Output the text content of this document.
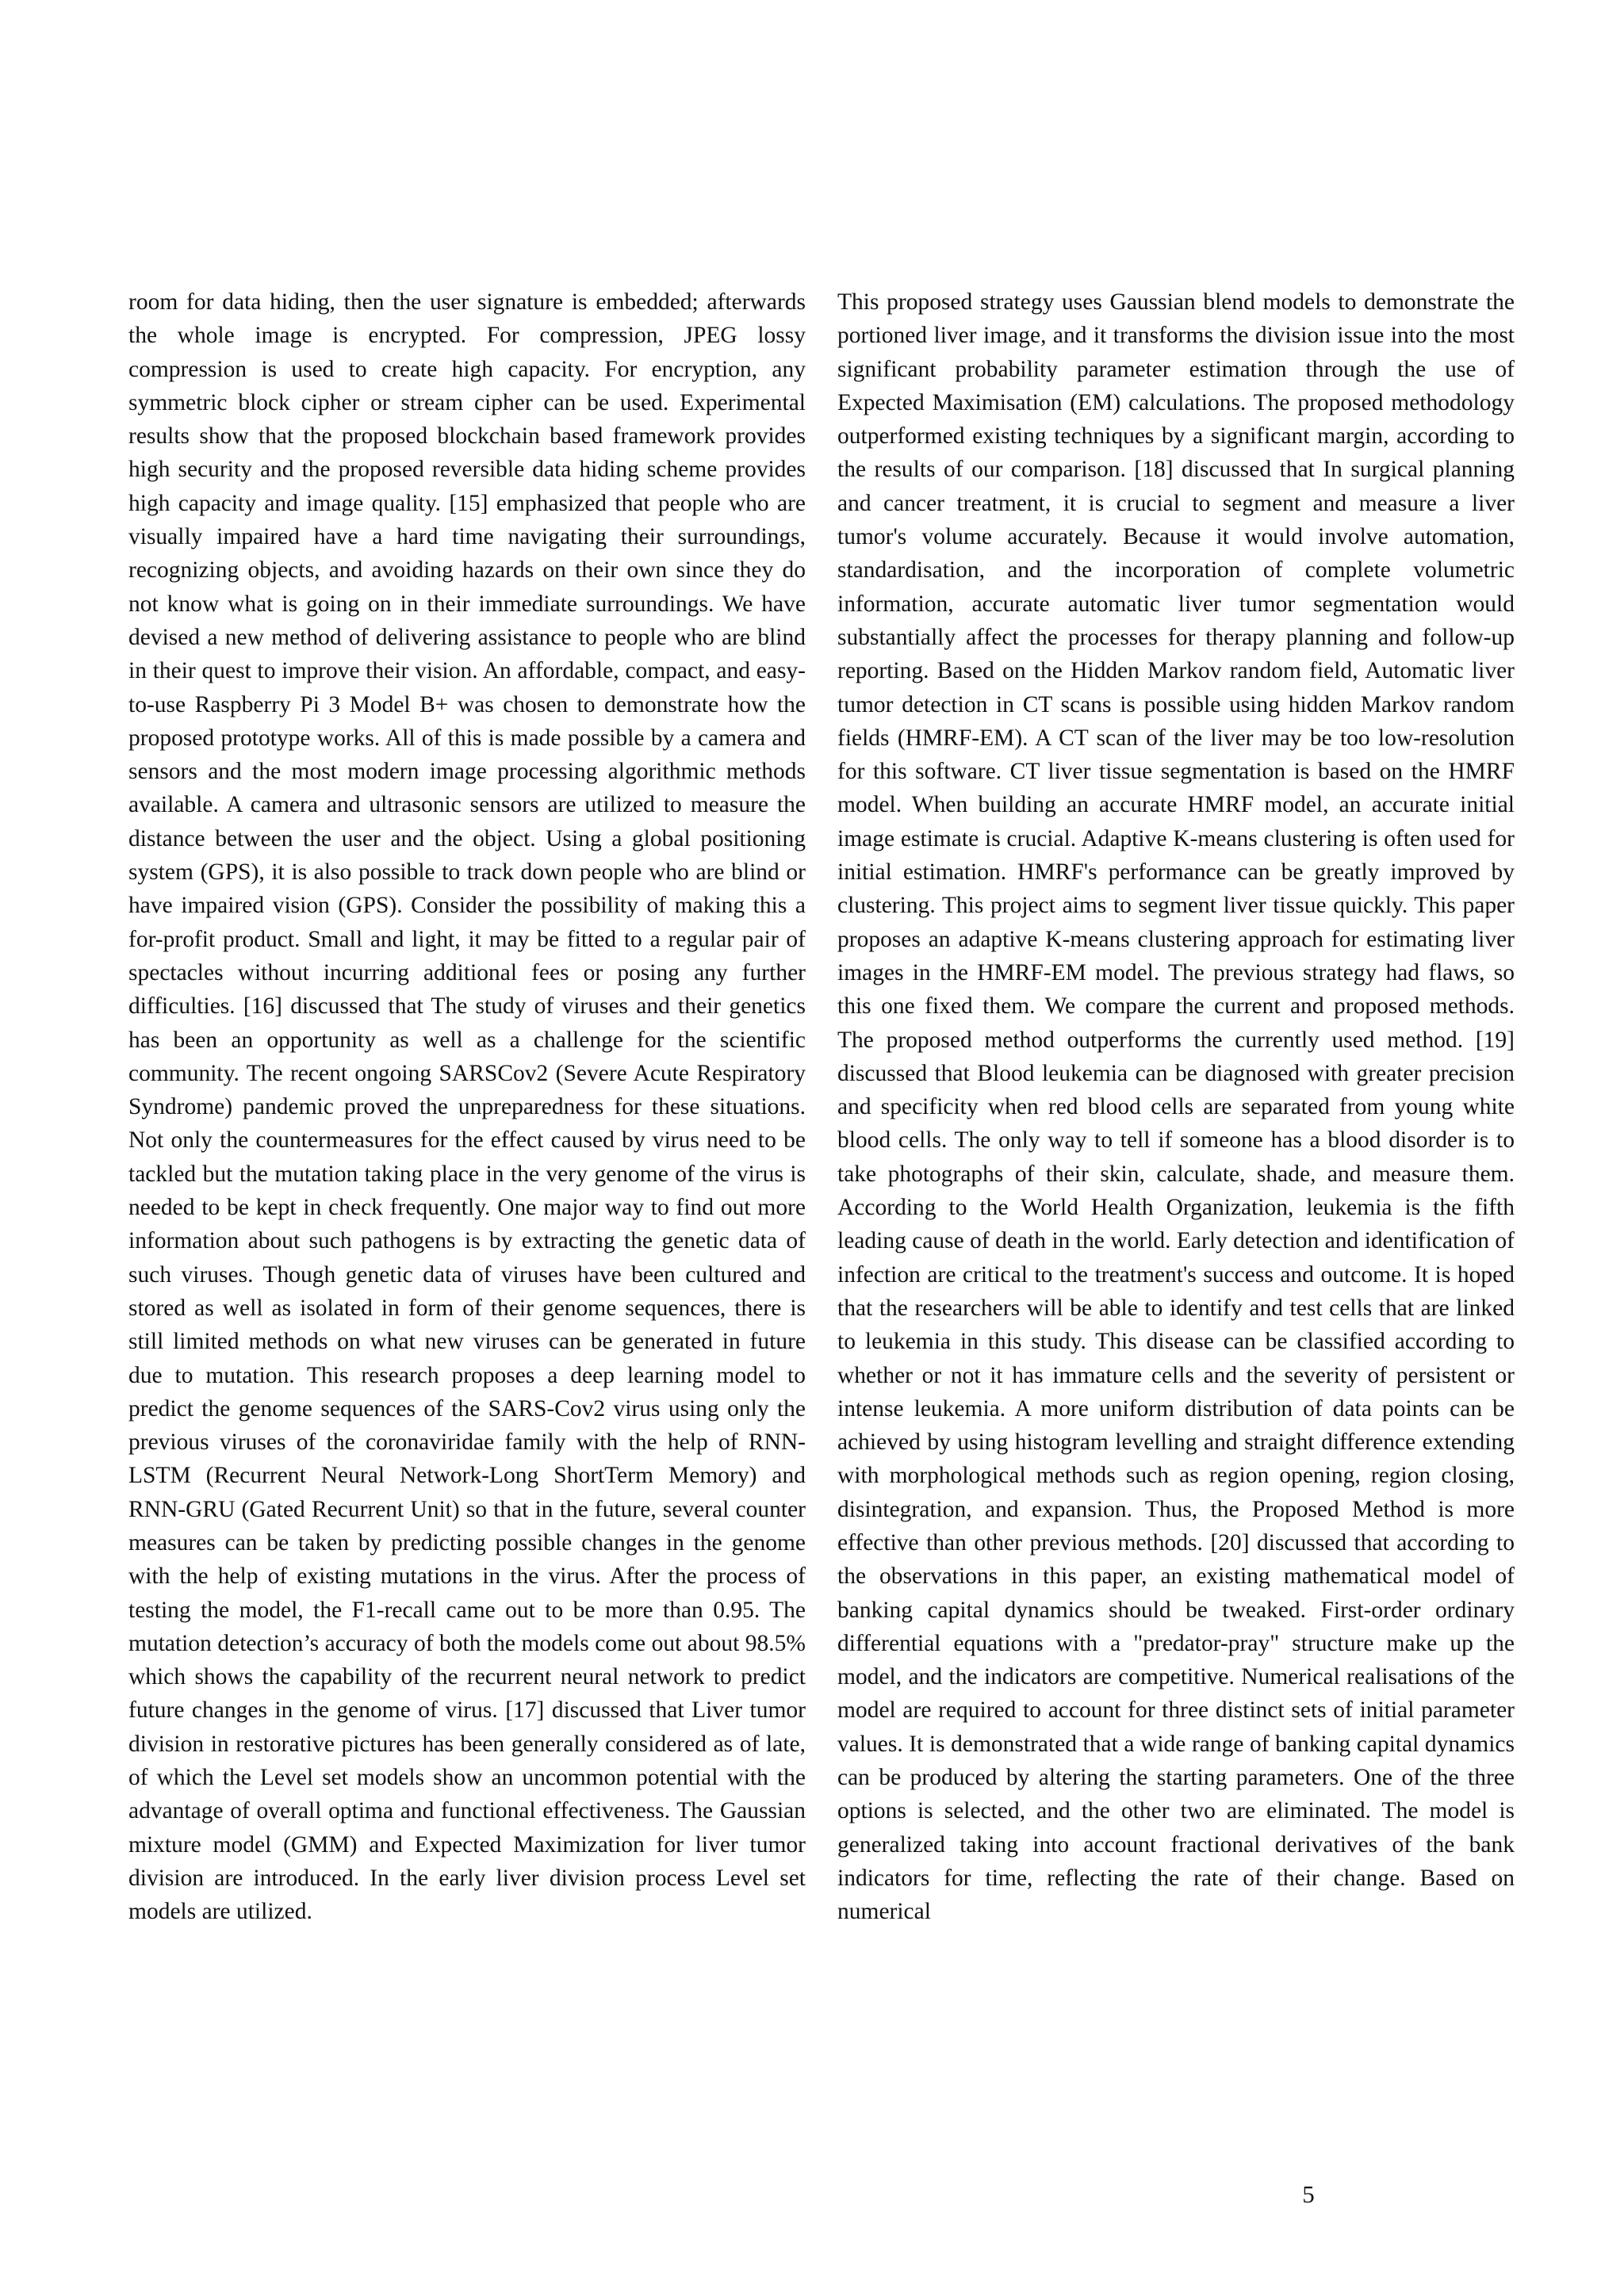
room for data hiding, then the user signature is embedded; afterwards the whole image is encrypted. For compression, JPEG lossy compression is used to create high capacity. For encryption, any symmetric block cipher or stream cipher can be used. Experimental results show that the proposed blockchain based framework provides high security and the proposed reversible data hiding scheme provides high capacity and image quality. [15] emphasized that people who are visually impaired have a hard time navigating their surroundings, recognizing objects, and avoiding hazards on their own since they do not know what is going on in their immediate surroundings. We have devised a new method of delivering assistance to people who are blind in their quest to improve their vision. An affordable, compact, and easy-to-use Raspberry Pi 3 Model B+ was chosen to demonstrate how the proposed prototype works. All of this is made possible by a camera and sensors and the most modern image processing algorithmic methods available. A camera and ultrasonic sensors are utilized to measure the distance between the user and the object. Using a global positioning system (GPS), it is also possible to track down people who are blind or have impaired vision (GPS). Consider the possibility of making this a for-profit product. Small and light, it may be fitted to a regular pair of spectacles without incurring additional fees or posing any further difficulties. [16] discussed that The study of viruses and their genetics has been an opportunity as well as a challenge for the scientific community. The recent ongoing SARSCov2 (Severe Acute Respiratory Syndrome) pandemic proved the unpreparedness for these situations. Not only the countermeasures for the effect caused by virus need to be tackled but the mutation taking place in the very genome of the virus is needed to be kept in check frequently. One major way to find out more information about such pathogens is by extracting the genetic data of such viruses. Though genetic data of viruses have been cultured and stored as well as isolated in form of their genome sequences, there is still limited methods on what new viruses can be generated in future due to mutation. This research proposes a deep learning model to predict the genome sequences of the SARS-Cov2 virus using only the previous viruses of the coronaviridae family with the help of RNN-LSTM (Recurrent Neural Network-Long ShortTerm Memory) and RNN-GRU (Gated Recurrent Unit) so that in the future, several counter measures can be taken by predicting possible changes in the genome with the help of existing mutations in the virus. After the process of testing the model, the F1-recall came out to be more than 0.95. The mutation detection’s accuracy of both the models come out about 98.5% which shows the capability of the recurrent neural network to predict future changes in the genome of virus. [17] discussed that Liver tumor division in restorative pictures has been generally considered as of late, of which the Level set models show an uncommon potential with the advantage of overall optima and functional effectiveness. The Gaussian mixture model (GMM) and Expected Maximization for liver tumor division are introduced. In the early liver division process Level set models are utilized.

This proposed strategy uses Gaussian blend models to demonstrate the portioned liver image, and it transforms the division issue into the most significant probability parameter estimation through the use of Expected Maximisation (EM) calculations. The proposed methodology outperformed existing techniques by a significant margin, according to the results of our comparison. [18] discussed that In surgical planning and cancer treatment, it is crucial to segment and measure a liver tumor's volume accurately. Because it would involve automation, standardisation, and the incorporation of complete volumetric information, accurate automatic liver tumor segmentation would substantially affect the processes for therapy planning and follow-up reporting. Based on the Hidden Markov random field, Automatic liver tumor detection in CT scans is possible using hidden Markov random fields (HMRF-EM). A CT scan of the liver may be too low-resolution for this software. CT liver tissue segmentation is based on the HMRF model. When building an accurate HMRF model, an accurate initial image estimate is crucial. Adaptive K-means clustering is often used for initial estimation. HMRF's performance can be greatly improved by clustering. This project aims to segment liver tissue quickly. This paper proposes an adaptive K-means clustering approach for estimating liver images in the HMRF-EM model. The previous strategy had flaws, so this one fixed them. We compare the current and proposed methods. The proposed method outperforms the currently used method. [19] discussed that Blood leukemia can be diagnosed with greater precision and specificity when red blood cells are separated from young white blood cells. The only way to tell if someone has a blood disorder is to take photographs of their skin, calculate, shade, and measure them. According to the World Health Organization, leukemia is the fifth leading cause of death in the world. Early detection and identification of infection are critical to the treatment's success and outcome. It is hoped that the researchers will be able to identify and test cells that are linked to leukemia in this study. This disease can be classified according to whether or not it has immature cells and the severity of persistent or intense leukemia. A more uniform distribution of data points can be achieved by using histogram levelling and straight difference extending with morphological methods such as region opening, region closing, disintegration, and expansion. Thus, the Proposed Method is more effective than other previous methods. [20] discussed that according to the observations in this paper, an existing mathematical model of banking capital dynamics should be tweaked. First-order ordinary differential equations with a "predator-pray" structure make up the model, and the indicators are competitive. Numerical realisations of the model are required to account for three distinct sets of initial parameter values. It is demonstrated that a wide range of banking capital dynamics can be produced by altering the starting parameters. One of the three options is selected, and the other two are eliminated. The model is generalized taking into account fractional derivatives of the bank indicators for time, reflecting the rate of their change. Based on numerical

5
